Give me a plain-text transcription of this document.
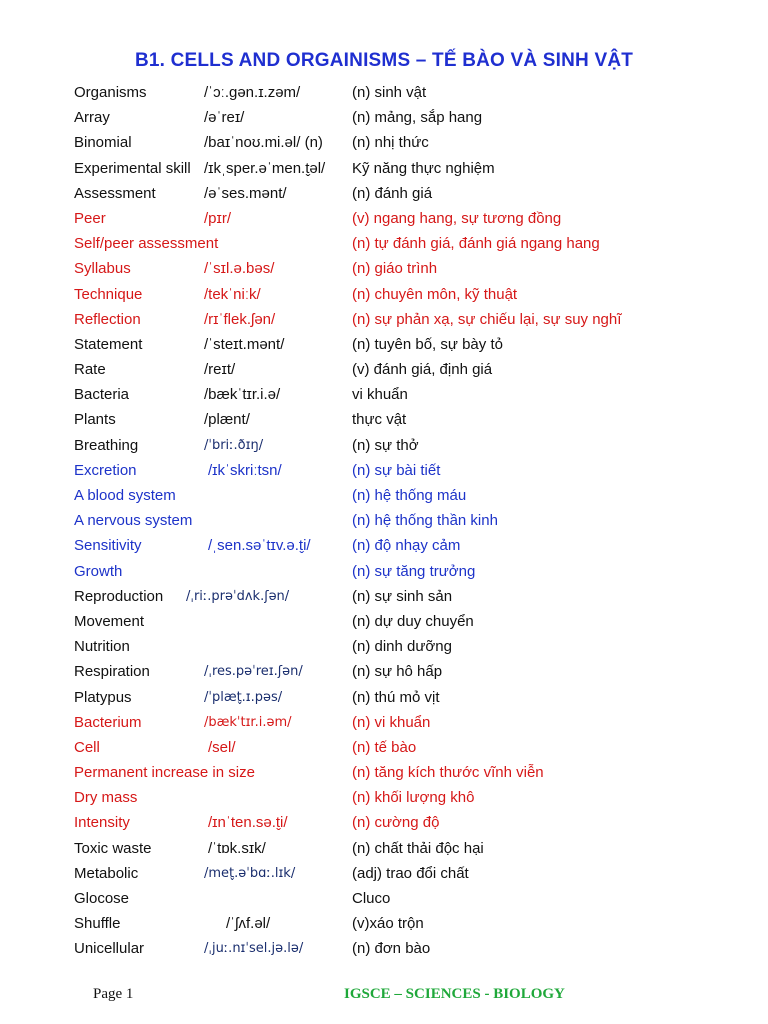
B1. CELLS AND ORGAINISMS – TẾ BÀO VÀ SINH VẬT
Organisms	/ˈɔː.gən.ɪ.zəm/	(n) sinh vật
Array	/əˈreɪ/	(n) mảng, sắp hang
Binomial	/baɪˈnoʊ.mi.əl/ (n) (n) nhị thức
Experimental skill /ɪkˌsper.əˈmen.t̬əl/ Kỹ năng thực nghiệm
Assessment	/əˈses.mənt/	(n) đánh giá
Peer	/pɪr/	(v) ngang hang, sự tương đồng
Self/peer assessment	(n) tự đánh giá, đánh giá ngang hang
Syllabus	/ˈsɪl.ə.bəs/	(n) giáo trình
Technique	/tekˈniːk/	(n) chuyên môn, kỹ thuật
Reflection	/rɪˈflek.ʃən/	(n) sự phản xạ, sự chiếu lại, sự suy nghĩ
Statement	/ˈsteɪt.mənt/	(n) tuyên bố, sự bày tỏ
Rate	/reɪt/	(v) đánh giá, định giá
Bacteria	/bækˈtɪr.i.ə/	vi khuẩn
Plants	/plænt/	thực vật
Breathing	/ˈbriː.ðɪŋ/	(n) sự thở
Excretion	/ɪkˈskriːtsn/	(n) sự bài tiết
A blood system	(n) hệ thống máu
A nervous system	(n) hệ thống thần kinh
Sensitivity	/ˌsen.səˈtɪv.ə.t̬i/	(n) độ nhạy cảm
Growth	(n) sự tăng trưởng
Reproduction /ˌriː.prəˈdʌk.ʃən/	(n) sự sinh sản
Movement	(n) dự duy chuyển
Nutrition	(n) dinh dưỡng
Respiration	/ˌres.pəˈreɪ.ʃən/	(n) sự hô hấp
Platypus	/ˈplæt̬.ɪ.pəs/	(n) thú mỏ vịt
Bacterium	/bækˈtɪr.i.əm/	(n) vi khuẩn
Cell	/sel/	(n) tế bào
Permanent increase in size	(n) tăng kích thước vĩnh viễn
Dry mass	(n) khối lượng khô
Intensity	/ɪnˈten.sə.t̬i/	(n) cường độ
Toxic waste	/ˈtɒk.sɪk/	(n) chất thải độc hại
Metabolic	/met̬.əˈbɑː.lɪk/	(adj) trao đổi chất
Glocose	Cluco
Shuffle	/ˈʃʌf.əl/	(v)xáo trộn
Unicellular	/ˌjuː.nɪˈsel.jə.lə/	(n) đơn bào
Page 1	IGSCE – SCIENCES - BIOLOGY
